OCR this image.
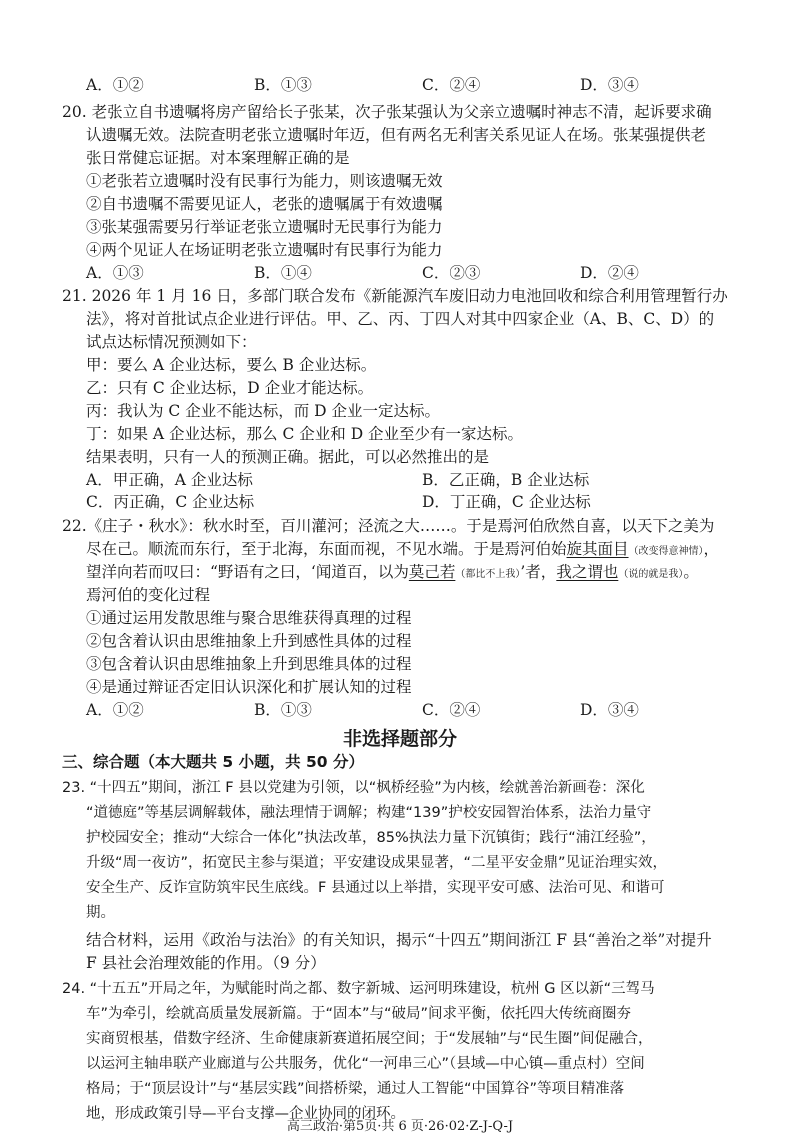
A．①②	B．①③	C．②④	D．③④
20. 老张立自书遗嘱将房产留给长子张某，次子张某强认为父亲立遗嘱时神志不清，起诉要求确
认遗嘱无效。法院查明老张立遗嘱时年迈，但有两名无利害关系见证人在场。张某强提供老
张日常健忘证据。对本案理解正确的是
①老张若立遗嘱时没有民事行为能力，则该遗嘱无效
②自书遗嘱不需要见证人，老张的遗嘱属于有效遗嘱
③张某强需要另行举证老张立遗嘱时无民事行为能力
④两个见证人在场证明老张立遗嘱时有民事行为能力
A．①③	B．①④	C．②③	D．②④
21. 2026 年 1 月 16 日，多部门联合发布《新能源汽车废旧动力电池回收和综合利用管理暂行办
法》，将对首批试点企业进行评估。甲、乙、丙、丁四人对其中四家企业（A、B、C、D）的
试点达标情况预测如下：
甲：要么 A 企业达标，要么 B 企业达标。
乙：只有 C 企业达标，D 企业才能达标。
丙：我认为 C 企业不能达标，而 D 企业一定达标。
丁：如果 A 企业达标，那么 C 企业和 D 企业至少有一家达标。
结果表明，只有一人的预测正确。据此，可以必然推出的是
A．甲正确，A 企业达标	B．乙正确，B 企业达标
C．丙正确，C 企业达标	D．丁正确，C 企业达标
22.《庄子・秋水》：秋水时至，百川灌河；泾流之大……。于是焉河伯欣然自喜，以天下之美为
尽在己。顺流而东行，至于北海，东面而视，不见水端。于是焉河伯始旋其面目（改变得意神情），
望洋向若而叹曰：“野语有之曰，‘闻道百，以为莫己若（都比不上我）’者，我之谓也（说的就是我）。
焉河伯的变化过程
①通过运用发散思维与聚合思维获得真理的过程
②包含着认识由思维抽象上升到感性具体的过程
③包含着认识由思维抽象上升到思维具体的过程
④是通过辩证否定旧认识深化和扩展认知的过程
A．①②	B．①③	C．②④	D．③④
非选择题部分
三、综合题（本大题共 5 小题，共 50 分）
23. “十四五”期间，浙江 F 县以党建为引领，以“枫桥经验”为内核，绘就善治新画卷：深化
“道德庭”等基层调解载体，融法理情于调解；构建“139”护校安园智治体系，法治力量守
护校园安全；推动“大综合一体化”执法改革，85%执法力量下沉镇街；践行“浦江经验”，
升级“周一夜访”，拓宽民主参与渠道；平安建设成果显著，“二星平安金鼎”见证治理实效，
安全生产、反诈宣防筑牢民生底线。F 县通过以上举措，实现平安可感、法治可见、和谐可
期。
结合材料，运用《政治与法治》的有关知识，揭示“十四五”期间浙江 F 县“善治之举”对提升
F 县社会治理效能的作用。（9 分）
24. “十五五”开局之年，为赋能时尚之都、数字新城、运河明珠建设，杭州 G 区以新“三驾马
车”为牵引，绘就高质量发展新篇。于“固本”与“破局”间求平衡，依托四大传统商圈夯
实商贸根基，借数字经济、生命健康新赛道拓展空间；于“发展轴”与“民生圈”间促融合，
以运河主轴串联产业廊道与公共服务，优化“一河串三心”（县域—中心镇—重点村）空间
格局；于“顶层设计”与“基层实践”间搭桥梁，通过人工智能“中国算谷”等项目精准落
地，形成政策引导—平台支撑—企业协同的闭环。
高三政治·第5页·共 6 页·26·02·Z-J-Q-J
